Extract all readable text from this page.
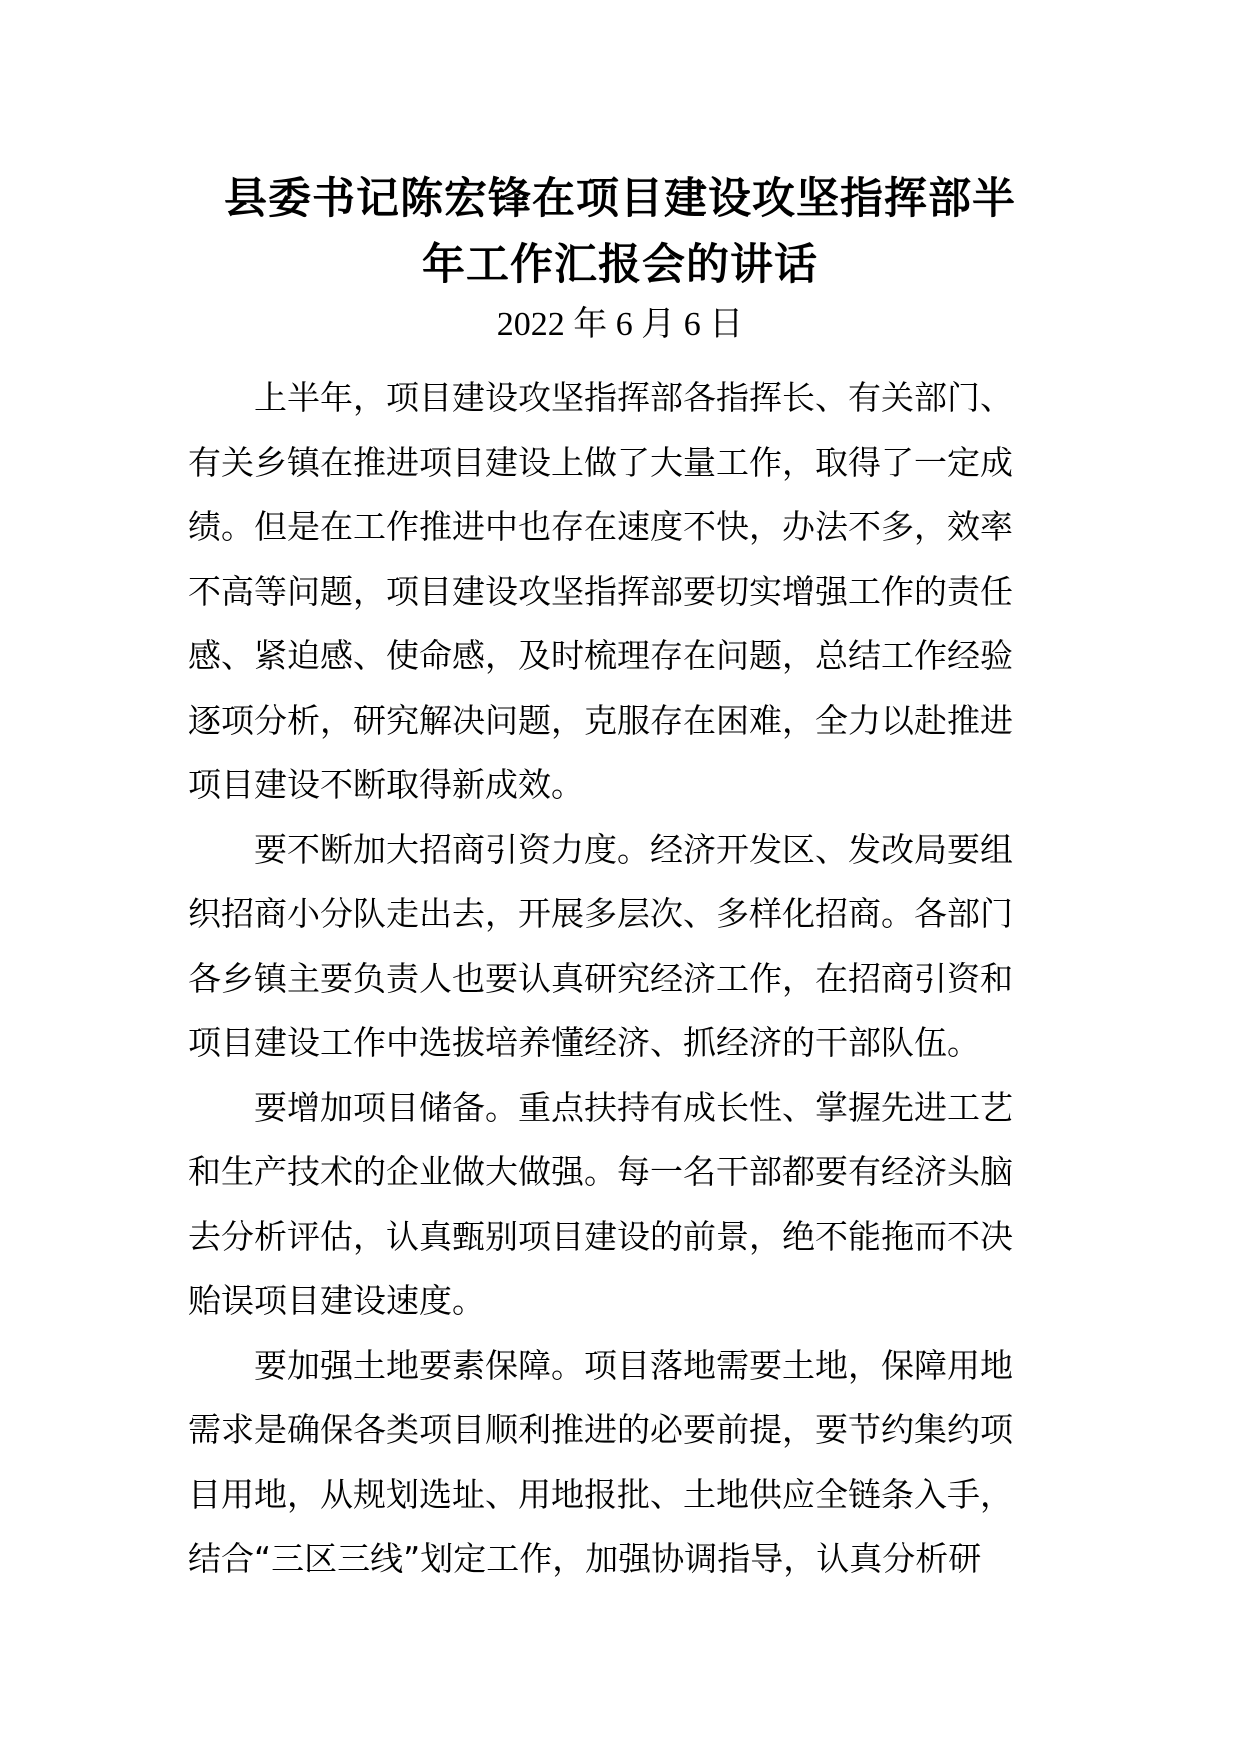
县委书记陈宏锋在项目建设攻坚指挥部半
年工作汇报会的讲话

2022 年 6 月 6 日

上半年，项目建设攻坚指挥部各指挥长、有关部门、
有关乡镇在推进项目建设上做了大量工作，取得了一定成
绩。但是在工作推进中也存在速度不快，办法不多，效率
不高等问题，项目建设攻坚指挥部要切实增强工作的责任
感、紧迫感、使命感，及时梳理存在问题，总结工作经验
逐项分析，研究解决问题，克服存在困难，全力以赴推进
项目建设不断取得新成效。

要不断加大招商引资力度。经济开发区、发改局要组
织招商小分队走出去，开展多层次、多样化招商。各部门
各乡镇主要负责人也要认真研究经济工作，在招商引资和
项目建设工作中选拔培养懂经济、抓经济的干部队伍。

要增加项目储备。重点扶持有成长性、掌握先进工艺
和生产技术的企业做大做强。每一名干部都要有经济头脑
去分析评估，认真甄别项目建设的前景，绝不能拖而不决
贻误项目建设速度。

要加强土地要素保障。项目落地需要土地，保障用地
需求是确保各类项目顺利推进的必要前提，要节约集约项
目用地，从规划选址、用地报批、土地供应全链条入手，
结合“三区三线”划定工作，加强协调指导，认真分析研
